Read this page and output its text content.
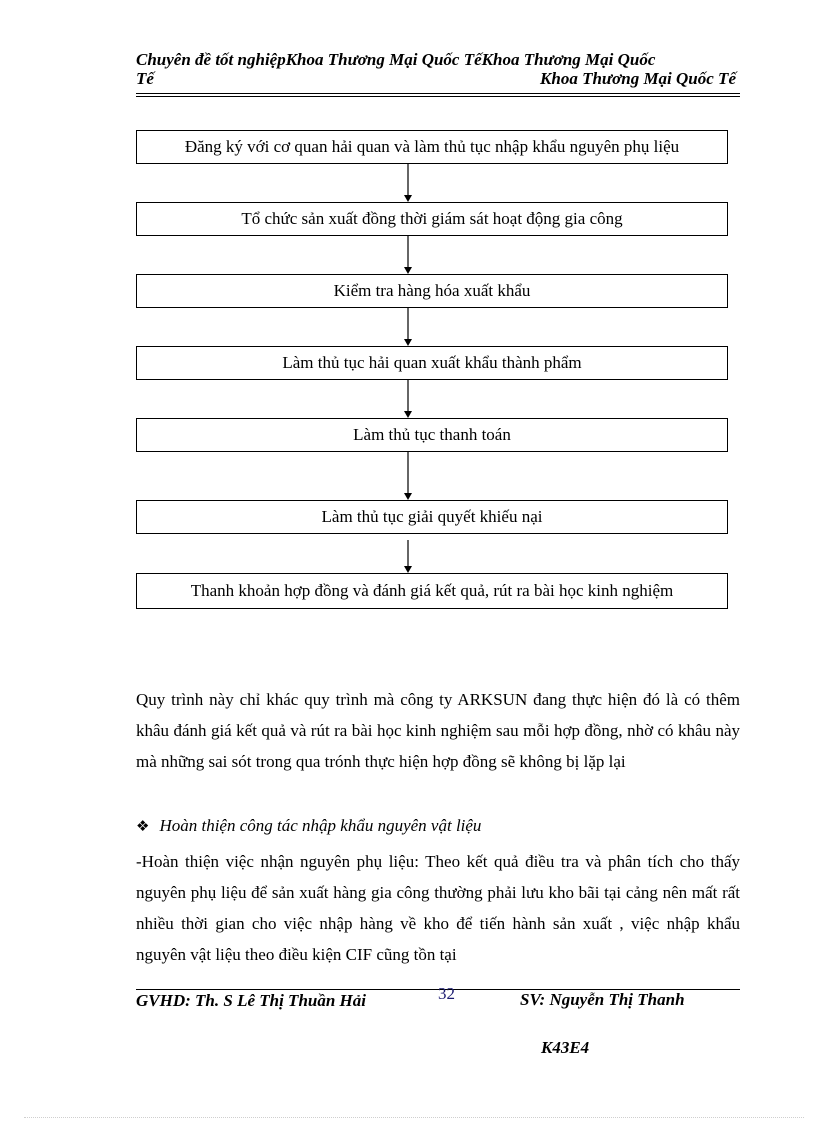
Chuyên đề tốt nghiệpKhoa Thương Mại Quốc TếKhoa Thương Mại Quốc
Tế	Khoa Thương Mại Quốc Tế
Đăng ký với cơ quan hải quan và làm thủ tục nhập khẩu nguyên phụ liệu
Tổ chức sản xuất đồng thời giám sát hoạt động gia công
Kiểm tra hàng hóa xuất khẩu
Làm thủ tục hải quan xuất khẩu thành phẩm
Làm thủ tục thanh toán
Làm thủ tục giải quyết khiếu nại
Thanh khoản hợp đồng và đánh giá kết quả, rút ra bài học kinh nghiệm

Quy trình này chỉ khác quy trình mà công ty ARKSUN đang thực hiện đó là có thêm khâu đánh giá kết quả và rút ra bài học kinh nghiệm sau mỗi hợp đồng, nhờ có khâu này mà những sai sót trong qua trónh thực hiện hợp đồng sẽ không bị lặp lại

❖ Hoàn thiện công tác nhập khẩu nguyên vật liệu

-Hoàn thiện việc nhận nguyên phụ liệu: Theo kết quả điều tra và phân tích cho thấy nguyên phụ liệu để sản xuất hàng gia công thường phải lưu kho bãi tại cảng nên mất rất nhiều thời gian cho việc nhập hàng về kho để tiến hành sản xuất , việc nhập khẩu nguyên vật liệu theo điều kiện CIF cũng tồn tại

GVHD: Th. S Lê Thị Thuần Hải	32	SV: Nguyễn Thị Thanh
K43E4
